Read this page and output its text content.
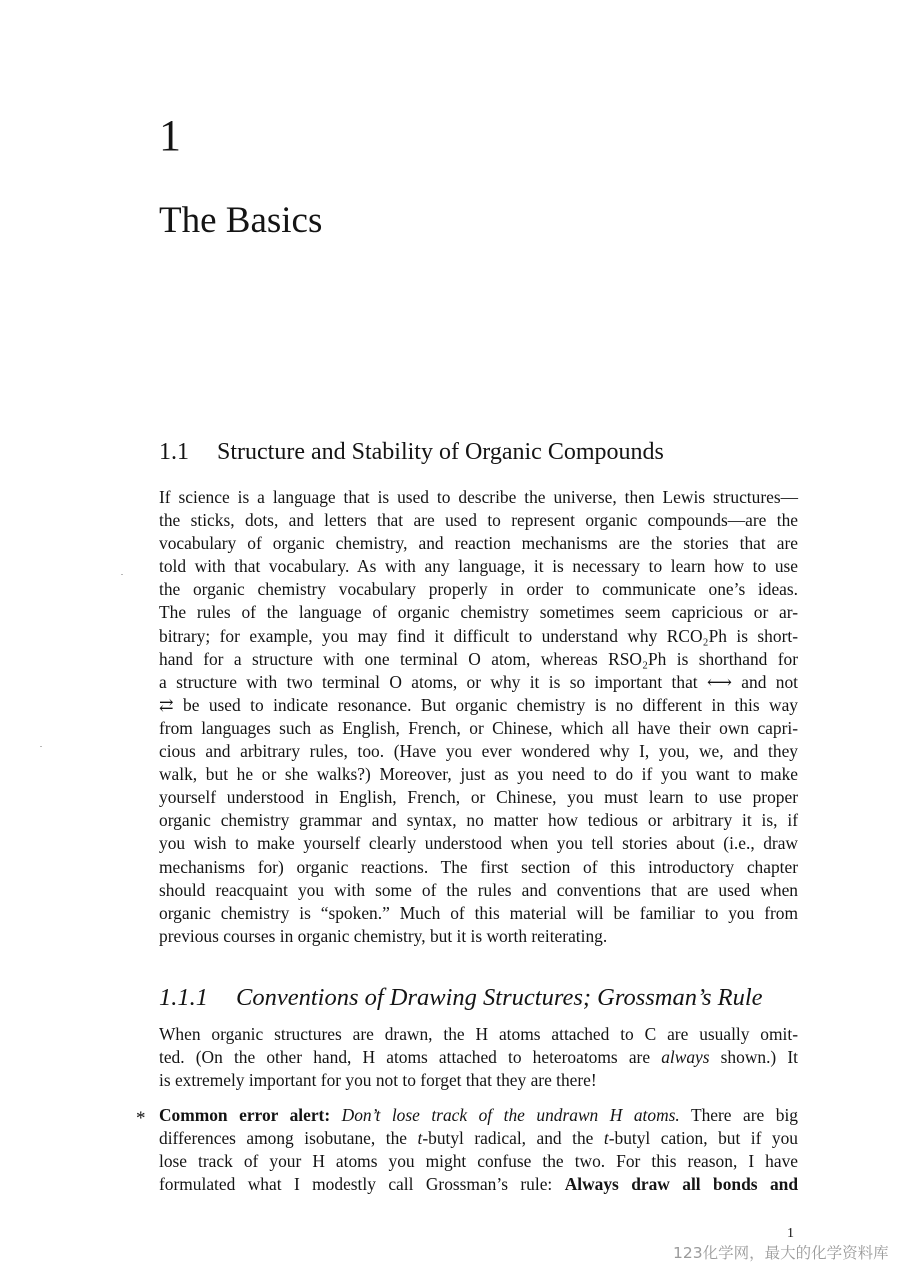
1
The Basics
1.1 Structure and Stability of Organic Compounds
If science is a language that is used to describe the universe, then Lewis structures—
the sticks, dots, and letters that are used to represent organic compounds—are the
vocabulary of organic chemistry, and reaction mechanisms are the stories that are
told with that vocabulary. As with any language, it is necessary to learn how to use
the organic chemistry vocabulary properly in order to communicate one’s ideas.
The rules of the language of organic chemistry sometimes seem capricious or ar-
bitrary; for example, you may find it difficult to understand why RCO₂Ph is short-
hand for a structure with one terminal O atom, whereas RSO₂Ph is shorthand for
a structure with two terminal O atoms, or why it is so important that ⟷ and not
⇄ be used to indicate resonance. But organic chemistry is no different in this way
from languages such as English, French, or Chinese, which all have their own capri-
cious and arbitrary rules, too. (Have you ever wondered why I, you, we, and they
walk, but he or she walks?) Moreover, just as you need to do if you want to make
yourself understood in English, French, or Chinese, you must learn to use proper
organic chemistry grammar and syntax, no matter how tedious or arbitrary it is, if
you wish to make yourself clearly understood when you tell stories about (i.e., draw
mechanisms for) organic reactions. The first section of this introductory chapter
should reacquaint you with some of the rules and conventions that are used when
organic chemistry is “spoken.” Much of this material will be familiar to you from
previous courses in organic chemistry, but it is worth reiterating.
1.1.1 Conventions of Drawing Structures; Grossman’s Rule
When organic structures are drawn, the H atoms attached to C are usually omit-
ted. (On the other hand, H atoms attached to heteroatoms are always shown.) It
is extremely important for you not to forget that they are there!
* Common error alert: Don’t lose track of the undrawn H atoms. There are big
differences among isobutane, the t-butyl radical, and the t-butyl cation, but if you
lose track of your H atoms you might confuse the two. For this reason, I have
formulated what I modestly call Grossman’s rule: Always draw all bonds and
1
123化学网，最大的化学资料库
